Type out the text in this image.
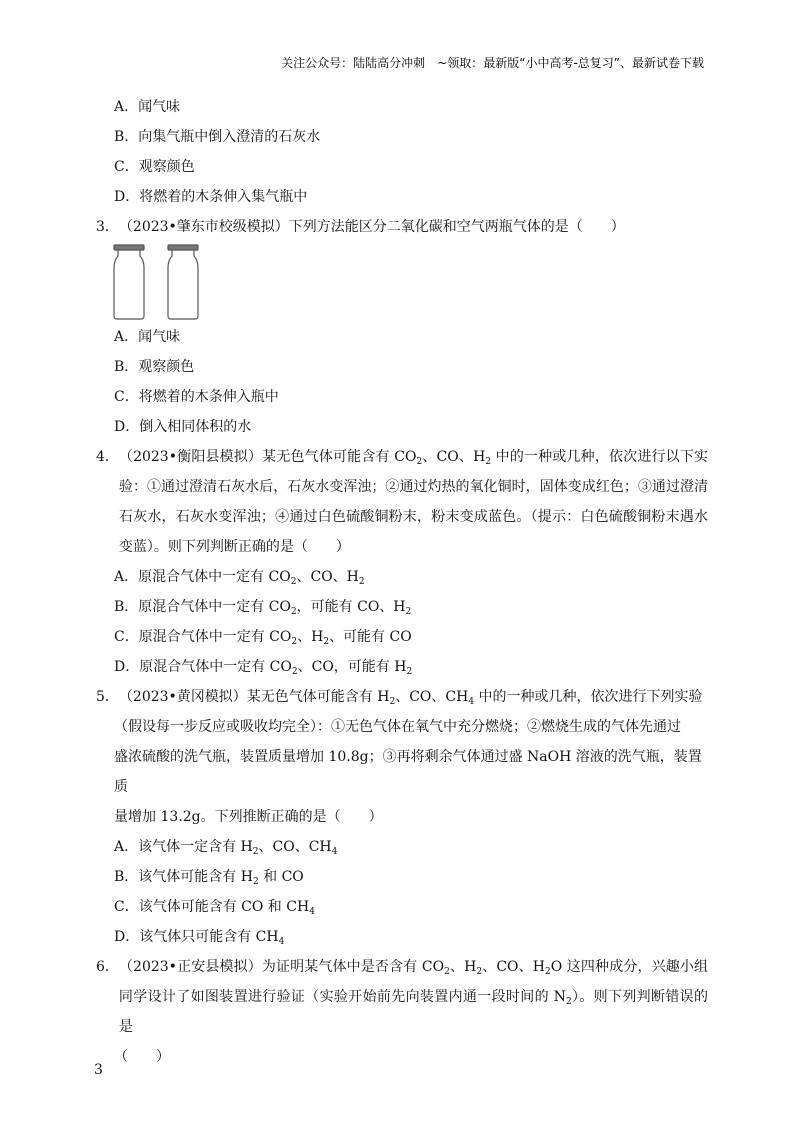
关注公众号：陆陆高分冲刺　~领取：最新版“小中高考-总复习”、最新试卷下载
A．闻气味
B．向集气瓶中倒入澄清的石灰水
C．观察颜色
D．将燃着的木条伸入集气瓶中
3． （2023•肇东市校级模拟）下列方法能区分二氧化碳和空气两瓶气体的是（　　）
A．闻气味
B．观察颜色
C．将燃着的木条伸入瓶中
D．倒入相同体积的水
4． （2023•衡阳县模拟）某无色气体可能含有 $CO_2$、CO、$H_2$ 中的一种或几种，依次进行以下实验：①通过澄清石灰水后，石灰水变浑浊；②通过灼热的氧化铜时，固体变成红色；③通过澄清石灰水，石灰水变浑浊；④通过白色硫酸铜粉末，粉末变成蓝色。（提示：白色硫酸铜粉末遇水变蓝）。则下列判断正确的是（　　）
A．原混合气体中一定有 $CO_2$、CO、$H_2$
B．原混合气体中一定有 $CO_2$，可能有 CO、$H_2$
C．原混合气体中一定有 $CO_2$、$H_2$、可能有 CO
D．原混合气体中一定有 $CO_2$、CO，可能有 $H_2$
5． （2023•黄冈模拟）某无色气体可能含有 $H_2$、CO、$CH_4$ 中的一种或几种，依次进行下列实验
（假设每一步反应或吸收均完全）：①无色气体在氧气中充分燃烧；②燃烧生成的气体先通过
盛浓硫酸的洗气瓶，装置质量增加 10.8g；③再将剩余气体通过盛 NaOH 溶液的洗气瓶，装置质
量增加 13.2g。下列推断正确的是（　　）
A．该气体一定含有 $H_2$、CO、$CH_4$
B．该气体可能含有 $H_2$ 和 CO
C．该气体可能含有 CO 和 $CH_4$
D．该气体只可能含有 $CH_4$
6． （2023•正安县模拟）为证明某气体中是否含有 $CO_2$、$H_2$、CO、$H_2O$ 这四种成分，兴趣小组同学设计了如图装置进行验证（实验开始前先向装置内通一段时间的 $N_2$）。则下列判断错误的是
（　　）
3
